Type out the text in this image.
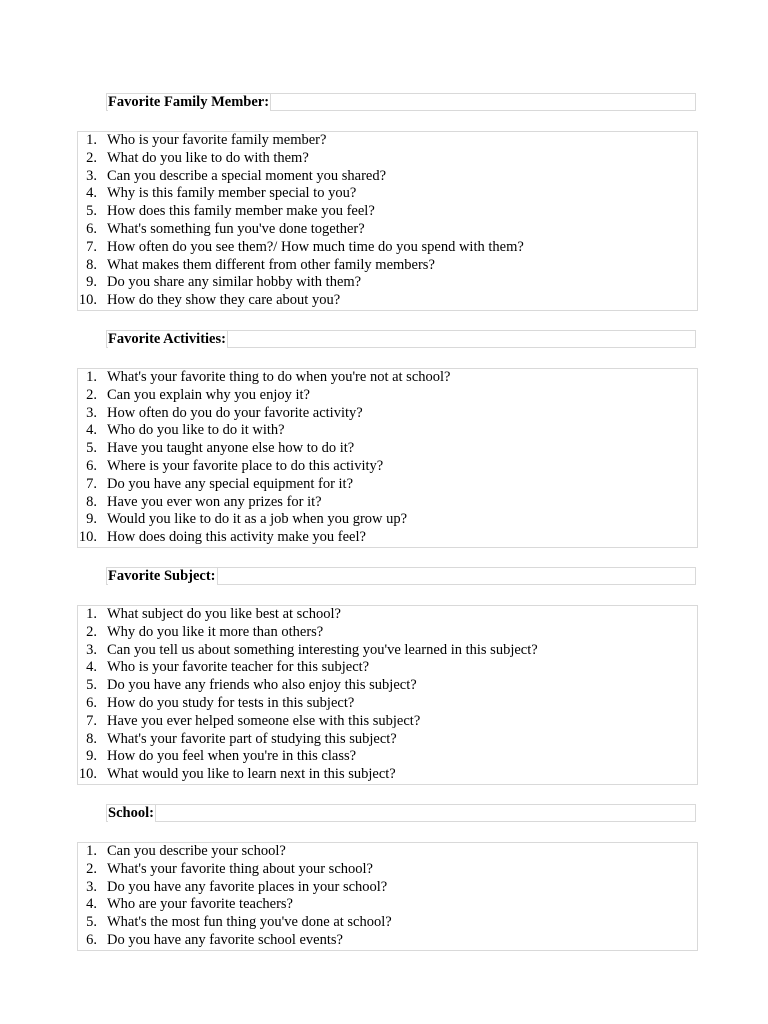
Favorite Family Member:
1. Who is your favorite family member?
2. What do you like to do with them?
3. Can you describe a special moment you shared?
4. Why is this family member special to you?
5. How does this family member make you feel?
6. What's something fun you've done together?
7. How often do you see them?/ How much time do you spend with them?
8. What makes them different from other family members?
9. Do you share any similar hobby with them?
10. How do they show they care about you?
Favorite Activities:
1. What's your favorite thing to do when you're not at school?
2. Can you explain why you enjoy it?
3. How often do you do your favorite activity?
4. Who do you like to do it with?
5. Have you taught anyone else how to do it?
6. Where is your favorite place to do this activity?
7. Do you have any special equipment for it?
8. Have you ever won any prizes for it?
9. Would you like to do it as a job when you grow up?
10. How does doing this activity make you feel?
Favorite Subject:
1. What subject do you like best at school?
2. Why do you like it more than others?
3. Can you tell us about something interesting you've learned in this subject?
4. Who is your favorite teacher for this subject?
5. Do you have any friends who also enjoy this subject?
6. How do you study for tests in this subject?
7. Have you ever helped someone else with this subject?
8. What's your favorite part of studying this subject?
9. How do you feel when you're in this class?
10. What would you like to learn next in this subject?
School:
1. Can you describe your school?
2. What's your favorite thing about your school?
3. Do you have any favorite places in your school?
4. Who are your favorite teachers?
5. What's the most fun thing you've done at school?
6. Do you have any favorite school events?
